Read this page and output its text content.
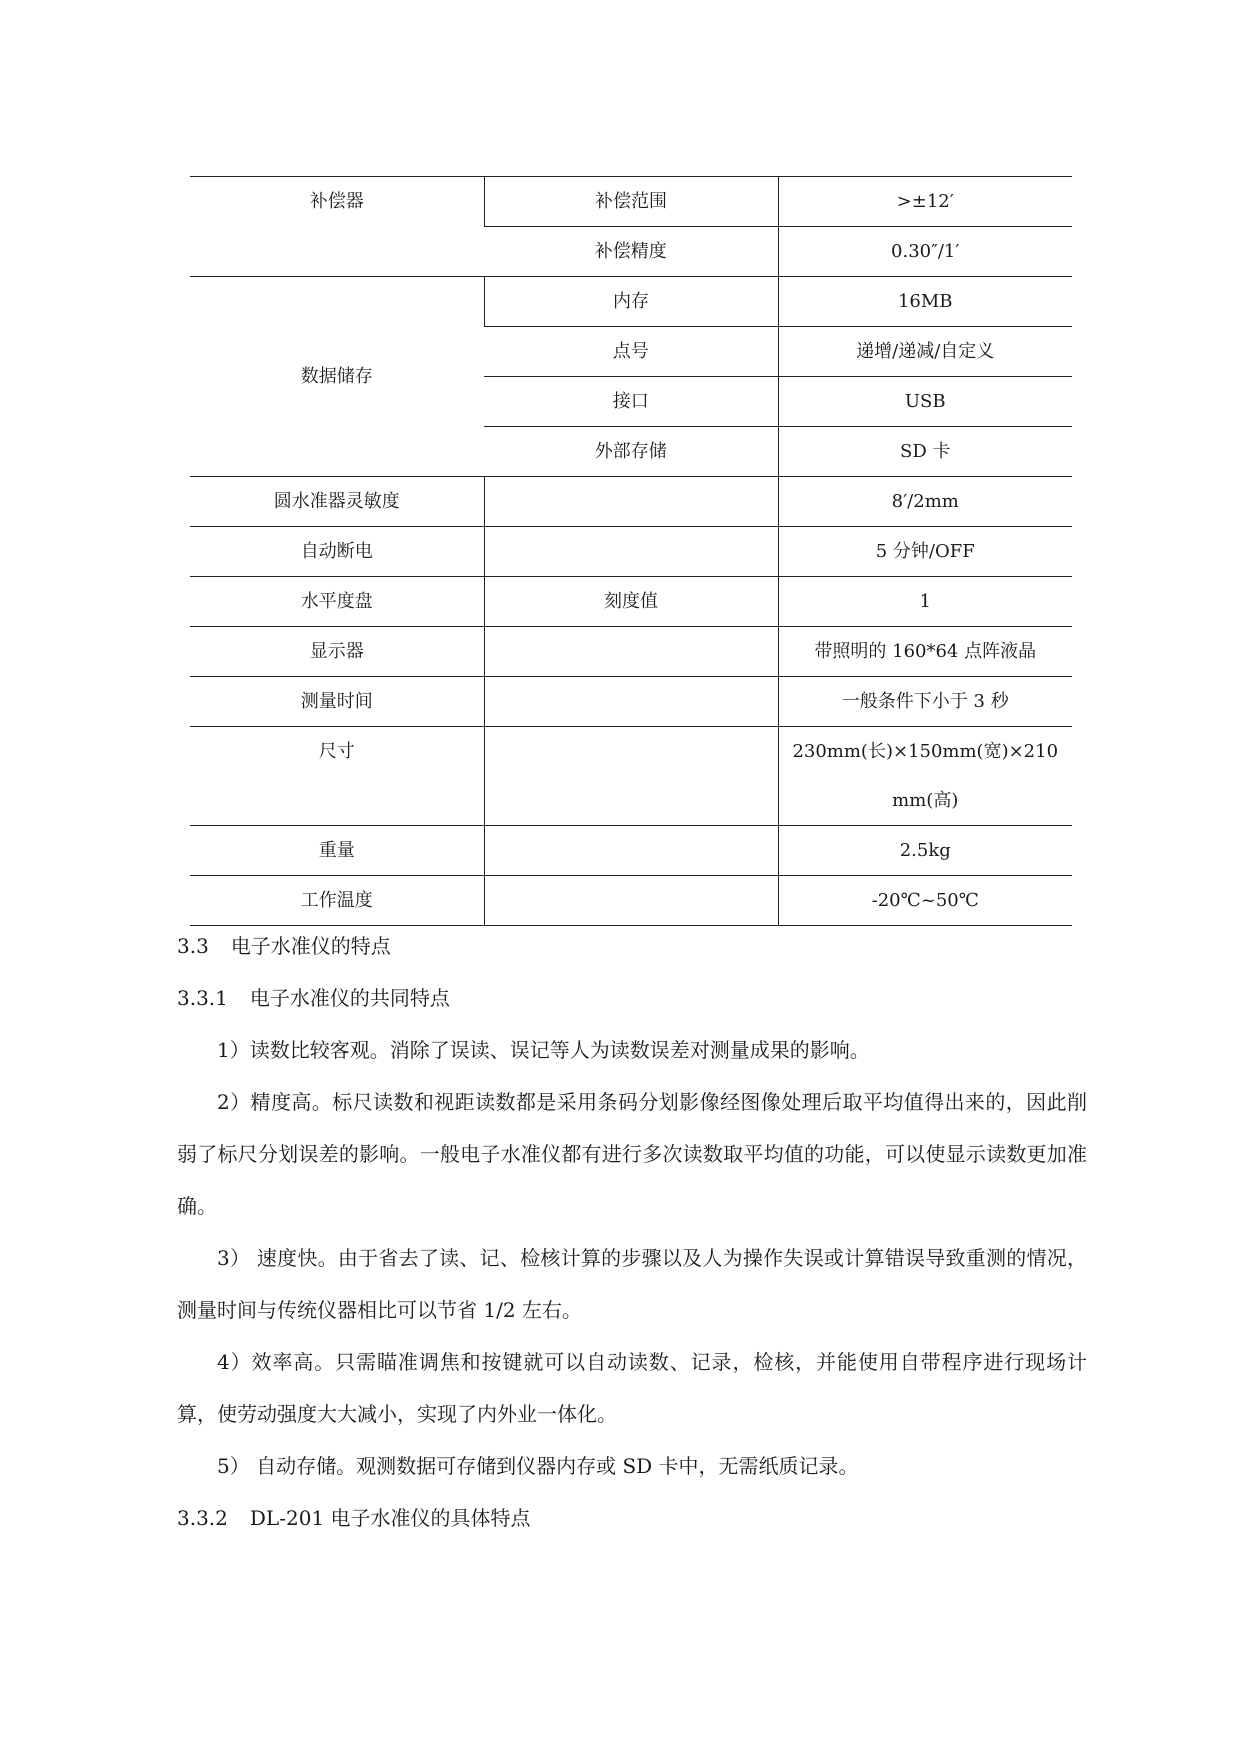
补偿器	补偿范围	>±12′
	补偿精度	0.30″/1′
数据储存	内存	16MB
	点号	递增/递减/自定义
	接口	USB
	外部存储	SD 卡
圆水准器灵敏度		8′/2mm
自动断电		5 分钟/OFF
水平度盘	刻度值	1
显示器		带照明的 160*64 点阵液晶
测量时间		一般条件下小于 3 秒
尺寸		230mm(长)×150mm(宽)×210mm(高)
重量		2.5kg
工作温度		-20℃~50℃
3.3 电子水准仪的特点
3.3.1 电子水准仪的共同特点

1）读数比较客观。消除了误读、误记等人为读数误差对测量成果的影响。

2）精度高。标尺读数和视距读数都是采用条码分划影像经图像处理后取平均值得出来的，因此削弱了标尺分划误差的影响。一般电子水准仪都有进行多次读数取平均值的功能，可以使显示读数更加准确。

3） 速度快。由于省去了读、记、检核计算的步骤以及人为操作失误或计算错误导致重测的情况，测量时间与传统仪器相比可以节省 1/2 左右。

4）效率高。只需瞄准调焦和按键就可以自动读数、记录，检核，并能使用自带程序进行现场计算，使劳动强度大大减小，实现了内外业一体化。

5） 自动存储。观测数据可存储到仪器内存或 SD 卡中，无需纸质记录。

3.3.2 DL-201 电子水准仪的具体特点
